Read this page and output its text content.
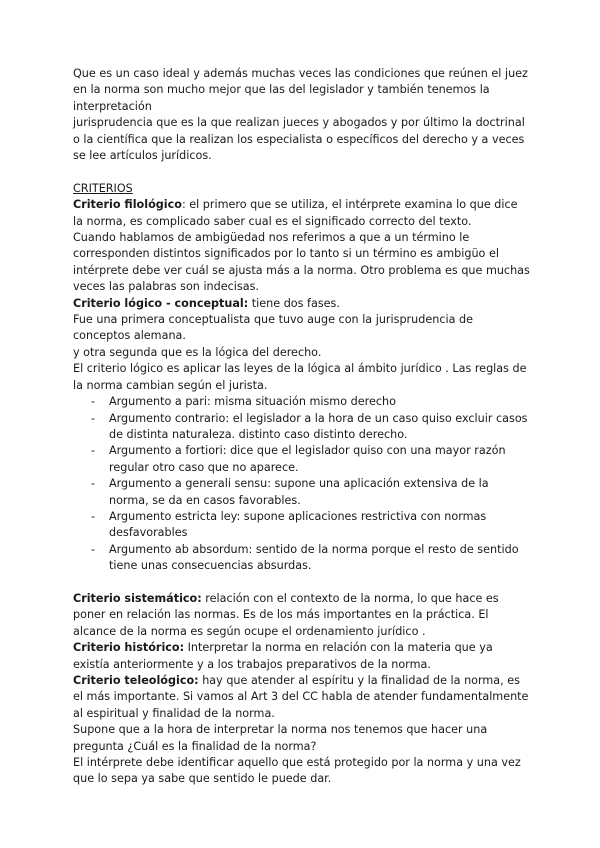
Que es un caso ideal y además muchas veces las condiciones que reúnen el juez en la norma son mucho mejor que las del legislador y también tenemos la interpretación

jurisprudencia que es la que realizan jueces y abogados y por último la doctrinal o la científica que la realizan los especialista o específicos del derecho y a veces se lee artículos jurídicos.

CRITERIOS

Criterio filológico: el primero que se utiliza, el intérprete examina lo que dice la norma, es complicado saber cual es el significado correcto del texto.

Cuando hablamos de ambigüedad nos referimos a que a un término le corresponden distintos significados por lo tanto si un término es ambigüo el intérprete debe ver cuál se ajusta más a la norma. Otro problema es que muchas veces las palabras son indecisas.

Criterio lógico - conceptual: tiene dos fases.

Fue una primera conceptualista que tuvo auge con la jurisprudencia de conceptos alemana.

y otra segunda que es la lógica del derecho.

El criterio lógico es aplicar las leyes de la lógica al ámbito jurídico . Las reglas de la norma cambian según el jurista.

- Argumento a pari: misma situación mismo derecho
- Argumento contrario: el legislador a la hora de un caso quiso excluir casos de distinta naturaleza. distinto caso distinto derecho.
- Argumento a fortiori: dice que el legislador quiso con una mayor razón regular otro caso que no aparece.
- Argumento a generali sensu: supone una aplicación extensiva de la norma, se da en casos favorables.
- Argumento estricta ley: supone aplicaciones restrictiva con normas desfavorables
- Argumento ab absordum: sentido de la norma porque el resto de sentido tiene unas consecuencias absurdas.

Criterio sistemático: relación con el contexto de la norma, lo que hace es poner en relación las normas. Es de los más importantes en la práctica. El alcance de la norma es según ocupe el ordenamiento jurídico .

Criterio histórico: Interpretar la norma en relación con la materia que ya existía anteriormente y a los trabajos preparativos de la norma.

Criterio teleológico: hay que atender al espíritu y la finalidad de la norma, es el más importante. Si vamos al Art 3 del CC habla de atender fundamentalmente al espiritual y finalidad de la norma.

Supone que a la hora de interpretar la norma nos tenemos que hacer una pregunta ¿Cuál es la finalidad de la norma?

El intérprete debe identificar aquello que está protegido por la norma y una vez que lo sepa ya sabe que sentido le puede dar.
